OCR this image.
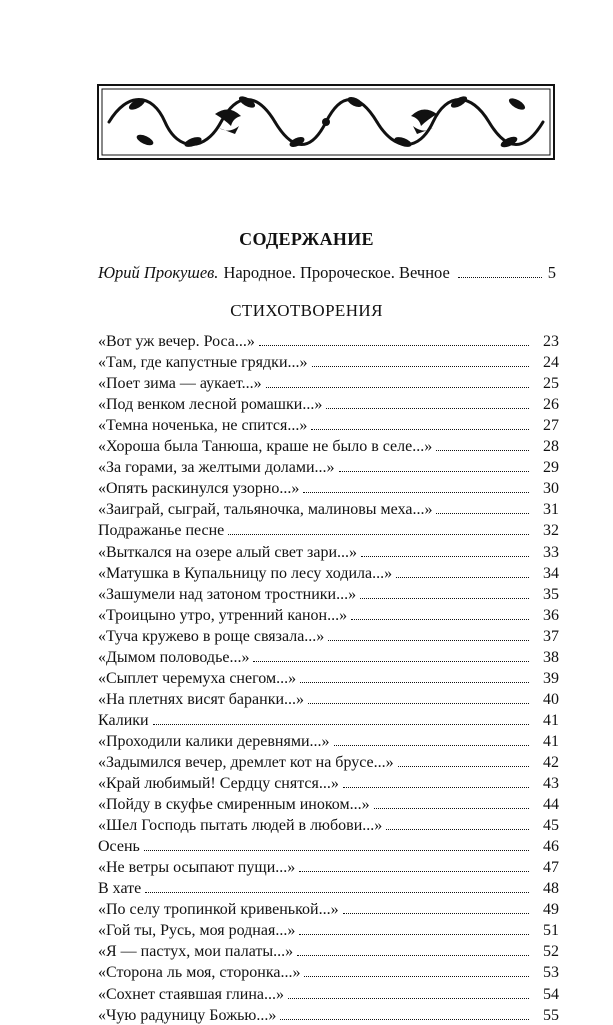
СОДЕРЖАНИЕ
Юрий Прокушев. Народное. Пророческое. Вечное	5
СТИХОТВОРЕНИЯ
«Вот уж вечер. Роса...»	23
«Там, где капустные грядки...»	24
«Поет зима — аукает...»	25
«Под венком лесной ромашки...»	26
«Темна ноченька, не спится...»	27
«Хороша была Танюша, краше не было в селе...»	28
«За горами, за желтыми долами...»	29
«Опять раскинулся узорно...»	30
«Заиграй, сыграй, тальяночка, малиновы меха...»	31
Подражанье песне	32
«Выткался на озере алый свет зари...»	33
«Матушка в Купальницу по лесу ходила...»	34
«Зашумели над затоном тростники...»	35
«Троицыно утро, утренний канон...»	36
«Туча кружево в роще связала...»	37
«Дымом половодье...»	38
«Сыплет черемуха снегом...»	39
«На плетнях висят баранки...»	40
Калики	41
«Проходили калики деревнями...»	41
«Задымился вечер, дремлет кот на брусе...»	42
«Край любимый! Сердцу снятся...»	43
«Пойду в скуфье смиренным иноком...»	44
«Шел Господь пытать людей в любови...»	45
Осень	46
«Не ветры осыпают пущи...»	47
В хате	48
«По селу тропинкой кривенькой...»	49
«Гой ты, Русь, моя родная...»	51
«Я — пастух, мои палаты...»	52
«Сторона ль моя, сторонка...»	53
«Сохнет стаявшая глина...»	54
«Чую радуницу Божью...»	55
